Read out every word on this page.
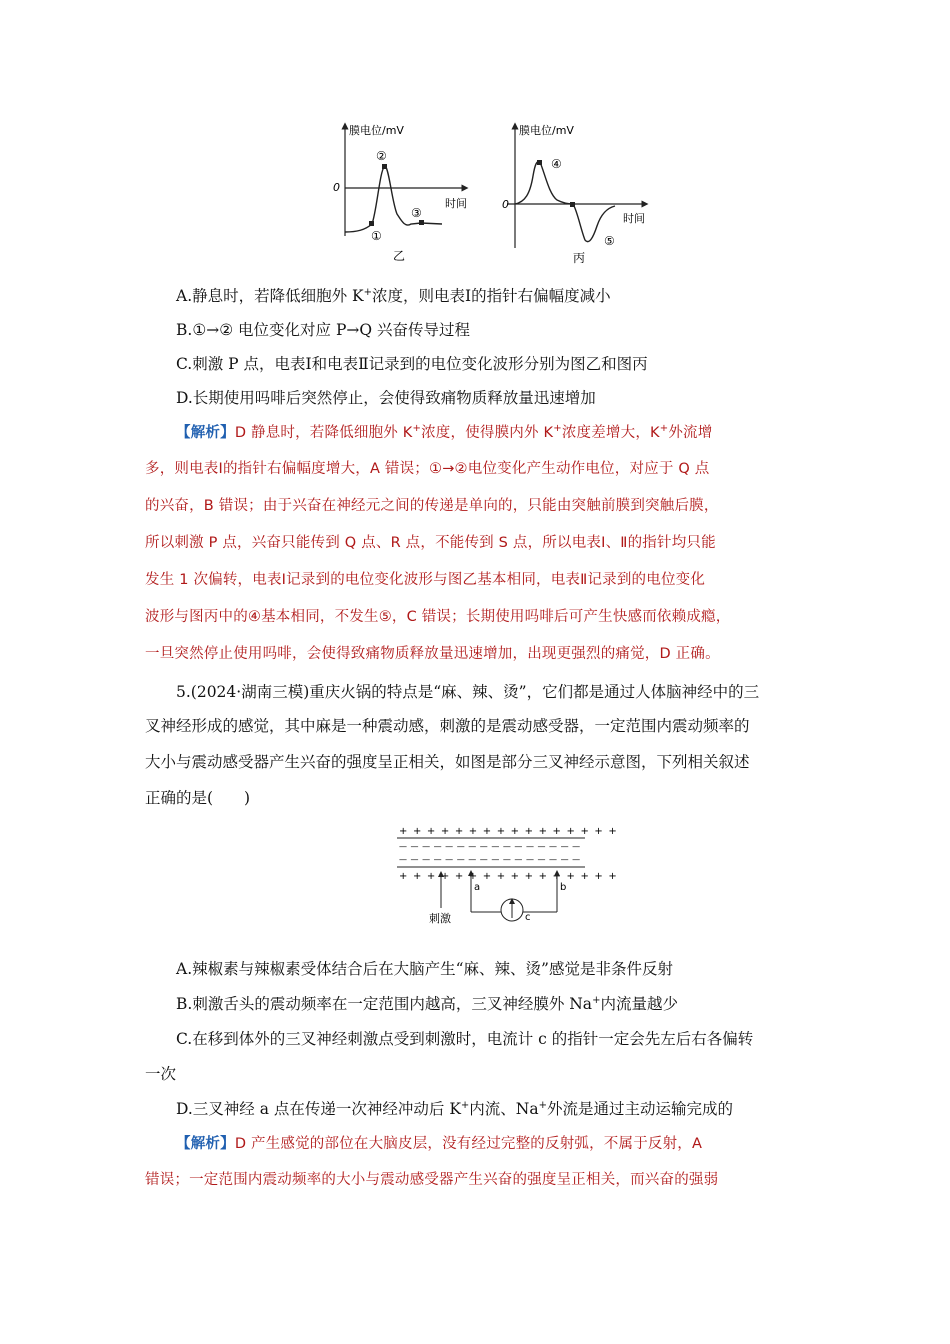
膜电位/mV
0
时间
①
②
③
乙
膜电位/mV
0
时间
④
⑤
丙
A.静息时，若降低细胞外 K+浓度，则电表Ⅰ的指针右偏幅度减小
B.①→② 电位变化对应 P→Q 兴奋传导过程
C.刺激 P 点，电表Ⅰ和电表Ⅱ记录到的电位变化波形分别为图乙和图丙
D.长期使用吗啡后突然停止，会使得致痛物质释放量迅速增加
【解析】D 静息时，若降低细胞外 K+浓度，使得膜内外 K+浓度差增大，K+外流增
多，则电表Ⅰ的指针右偏幅度增大，A 错误；①→②电位变化产生动作电位，对应于 Q 点
的兴奋，B 错误；由于兴奋在神经元之间的传递是单向的，只能由突触前膜到突触后膜，
所以刺激 P 点，兴奋只能传到 Q 点、R 点，不能传到 S 点，所以电表Ⅰ、Ⅱ的指针均只能
发生 1 次偏转，电表Ⅰ记录到的电位变化波形与图乙基本相同，电表Ⅱ记录到的电位变化
波形与图丙中的④基本相同，不发生⑤，C 错误；长期使用吗啡后可产生快感而依赖成瘾，
一旦突然停止使用吗啡，会使得致痛物质释放量迅速增加，出现更强烈的痛觉，D 正确。
5.(2024·湖南三模)重庆火锅的特点是“麻、辣、烫”，它们都是通过人体脑神经中的三
叉神经形成的感觉，其中麻是一种震动感，刺激的是震动感受器，一定范围内震动频率的
大小与震动感受器产生兴奋的强度呈正相关，如图是部分三叉神经示意图，下列相关叙述
正确的是(　　)
+ + + + + + + + + + + + + + + +
— — — — — — — — — — — — — — — —
— — — — — — — — — — — — — — — —
+ + + + + + + + + + + + + + + +
刺激
a	b
c
A.辣椒素与辣椒素受体结合后在大脑产生“麻、辣、烫”感觉是非条件反射
B.刺激舌头的震动频率在一定范围内越高，三叉神经膜外 Na+内流量越少
C.在移到体外的三叉神经刺激点受到刺激时，电流计 c 的指针一定会先左后右各偏转
一次
D.三叉神经 a 点在传递一次神经冲动后 K+内流、Na+外流是通过主动运输完成的
【解析】D 产生感觉的部位在大脑皮层，没有经过完整的反射弧，不属于反射，A
错误；一定范围内震动频率的大小与震动感受器产生兴奋的强度呈正相关，而兴奋的强弱
